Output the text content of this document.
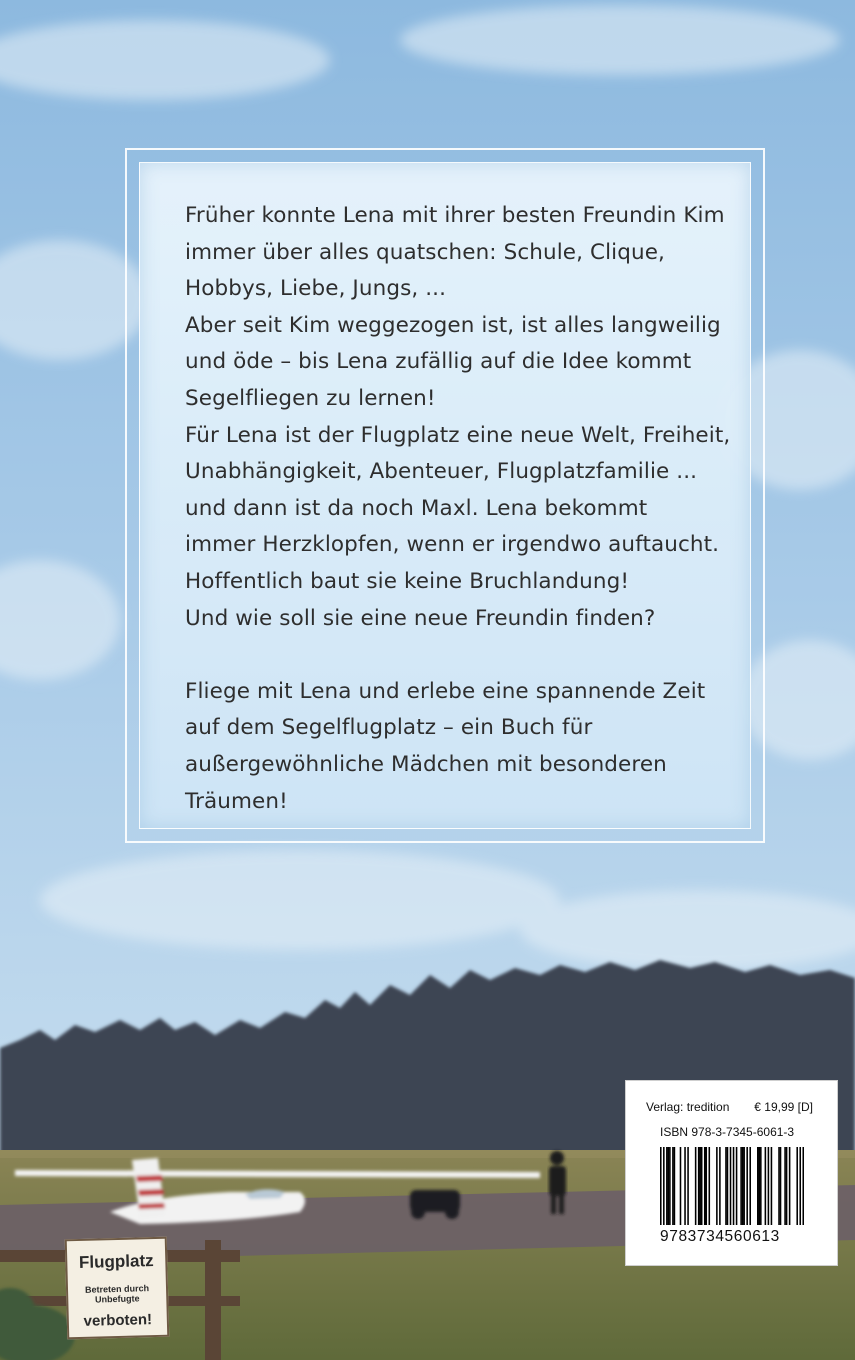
Früher konnte Lena mit ihrer besten Freundin Kim
immer über alles quatschen: Schule, Clique,
Hobbys, Liebe, Jungs, ...
Aber seit Kim weggezogen ist, ist alles langweilig
und öde – bis Lena zufällig auf die Idee kommt
Segelfliegen zu lernen!
Für Lena ist der Flugplatz eine neue Welt, Freiheit,
Unabhängigkeit, Abenteuer, Flugplatzfamilie ...
und dann ist da noch Maxl. Lena bekommt
immer Herzklopfen, wenn er irgendwo auftaucht.
Hoffentlich baut sie keine Bruchlandung!
Und wie soll sie eine neue Freundin finden?
Fliege mit Lena und erlebe eine spannende Zeit
auf dem Segelflugplatz – ein Buch für
außergewöhnliche Mädchen mit besonderen
Träumen!
Flugplatz
Betreten durch Unbefugte
verboten!
Verlag: tredition € 19,99 [D]
ISBN 978-3-7345-6061-3
9783734560613
